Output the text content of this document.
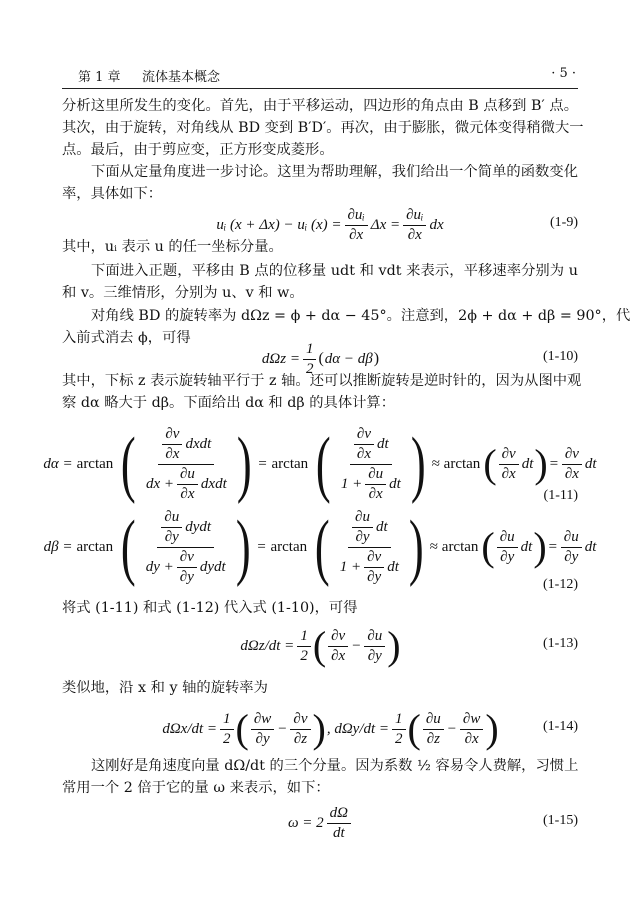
第 1 章 流体基本概念	· 5 ·
分析这里所发生的变化。首先，由于平移运动，四边形的角点由 B 点移到 B′ 点。
其次，由于旋转，对角线从 BD 变到 B′D′。再次，由于膨胀，微元体变得稍微大一
点。最后，由于剪应变，正方形变成菱形。
下面从定量角度进一步讨论。这里为帮助理解，我们给出一个简单的函数变化
率，具体如下：
其中，uᵢ 表示 u 的任一坐标分量。
下面进入正题，平移由 B 点的位移量 udt 和 vdt 来表示，平移速率分别为 u
和 v。三维情形，分别为 u、v 和 w。
对角线 BD 的旋转率为 dΩz = ϕ + dα − 45°。注意到，2ϕ + dα + dβ = 90°，代
入前式消去 ϕ，可得
其中，下标 z 表示旋转轴平行于 z 轴。还可以推断旋转是逆时针的，因为从图中观
察 dα 略大于 dβ。下面给出 dα 和 dβ 的具体计算：
将式 (1-11) 和式 (1-12) 代入式 (1-10)，可得
类似地，沿 x 和 y 轴的旋转率为
这刚好是角速度向量 dΩ/dt 的三个分量。因为系数 ½ 容易令人费解，习惯上
常用一个 2 倍于它的量 ω 来表示，如下：
uᵢ (x + Δx) − uᵢ $(x) = \frac{\text{∂uᵢ}}{\partial x}$ $\Delta x = \frac{\text{∂uᵢ}}{\partial x}$ dx	(1-9)
$d\Omega z = \frac{1}{2}$ ( dα − dβ )	(1-10)
dα = arctan ( $\frac{\partial v}{\partial x}$ dxdt
dx + $\frac{\partial u}{\partial x}$ dxdt ) = arctan ( $\frac{\partial v}{\partial x}$ dt
$1 + \frac{\partial u}{\partial x}$ dt ) ≈ arctan ( $\frac{\partial v}{\partial x}$ dt ) = $\frac{\partial v}{\partial x}$ dt
(1-11)
dβ = arctan ( $\frac{\partial u}{\partial y}$ dydt
dy + $\frac{\partial v}{\partial y}$ dydt ) = arctan ( $\frac{\partial u}{\partial y}$ dt
$1 + \frac{\partial v}{\partial y}$ dt ) ≈ arctan ( $\frac{\partial u}{\partial y}$ dt ) = $\frac{\partial u}{\partial y}$ dt
(1-12)
$d\Omega z/dt = \frac{1}{2}$ ( $\frac{\partial v}{\partial x} - \frac{\partial u}{\partial y}$ )	(1-13)
$d\Omega x/dt = \frac{1}{2}$ ( $\frac{\partial w}{\partial y} - \frac{\partial v}{\partial z}$ ) , $d\Omega y/dt = \frac{1}{2}$ ( $\frac{\partial u}{\partial z} - \frac{\partial w}{\partial x}$ )	(1-14)
$\omega = 2 \frac{d\Omega}{dt}$	(1-15)
